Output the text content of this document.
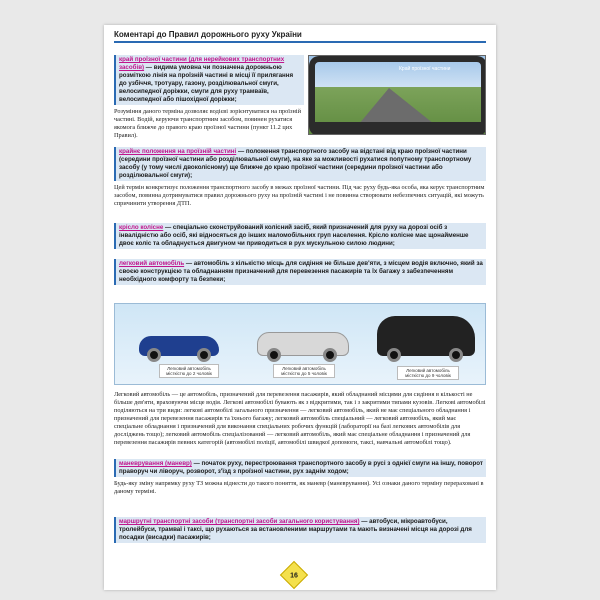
Коментарі до Правил дорожнього руху України
край проїзної частини (для нерейкових транспортних засобів) — видима умовна чи позначена дорожньою розміткою лінія на проїзній частині в місці її прилягання до узбіччя, тротуару, газону, розділювальної смуги, велосипедної доріжки, смуги для руху трамваїв, велосипедної або пішохідної доріжки;
Розуміння даного терміна дозволяє водієві зорієнтуватися на проїзній частині. Водій, керуючи транспортним засобом, повинен рухатися якомога ближче до правого краю проїзної частини (пункт 11.2 цих Правил).
Край проїзної частини
крайнє положення на проїзній частині — положення транспортного засобу на відстані від краю проїзної частини (середини проїзної частини або розділювальної смуги), на яке за можливості рухатися попутному транспортному засобу (у тому числі двоколісному) ще ближче до краю проїзної частини (середини проїзної частини або розділювальної смуги);
Цей термін конкретизує положення транспортного засобу в межах проїзної частини. Під час руху будь-яка особа, яка керує транспортним засобом, повинна дотримуватися правил дорожнього руху на проїзній частині і не повинна створювати небезпечних ситуацій, які можуть спричинити утворення ДТП.
крісло колісне — спеціально сконструйований колісний засіб, який призначений для руху на дорозі осіб з інвалідністю або осіб, які відносяться до інших маломобільних груп населення. Крісло колісне має щонайменше двоє коліс та обладнується двигуном чи приводиться в рух мускульною силою людини;
легковий автомобіль — автомобіль з кількістю місць для сидіння не більше дев'яти, з місцем водія включно, який за своєю конструкцією та обладнанням призначений для перевезення пасажирів та їх багажу з забезпеченням необхідного комфорту та безпеки;
Легковий автомобіль місткістю до 2 чоловік
Легковий автомобіль місткістю до 5 чоловік
Легковий автомобіль місткістю до 9 чоловік
Легковий автомобіль — це автомобіль, призначений для перевезення пасажирів, який обладнаний місцями для сидіння в кількості не більше дев'яти, враховуючи місце водія. Легкові автомобілі бувають як з відкритими, так і з закритими типами кузовів. Легкові автомобілі поділяються на три види: легкові автомобілі загального призначення — легковий автомобіль, який не має спеціального обладнання і призначений для перевезення пасажирів та їхнього багажу; легковий автомобіль спеціальний — легковий автомобіль, який має спеціальне обладнання і призначений для виконання спеціальних робочих функцій (лабораторії на базі легкових автомобілів для досліджень тощо); легковий автомобіль спеціалізований — легковий автомобіль, який має спеціальне обладнання і призначений для перевезення пасажирів певних категорій (автомобілі поліції, автомобілі швидкої допомоги, таксі, навчальні автомобілі тощо).
маневрування (маневр) — початок руху, перестроювання транспортного засобу в русі з однієї смуги на іншу, поворот праворуч чи ліворуч, розворот, з'їзд з проїзної частини, рух заднім ходом;
Будь-яку зміну напрямку руху ТЗ можна віднести до такого поняття, як маневр (маневрування). Усі ознаки даного терміну перераховані в даному терміні.
маршрутні транспортні засоби (транспортні засоби загального користування) — автобуси, мікроавтобуси, тролейбуси, трамваї і таксі, що рухаються за встановленими маршрутами та мають визначені місця на дорозі для посадки (висадки) пасажирів;
16
